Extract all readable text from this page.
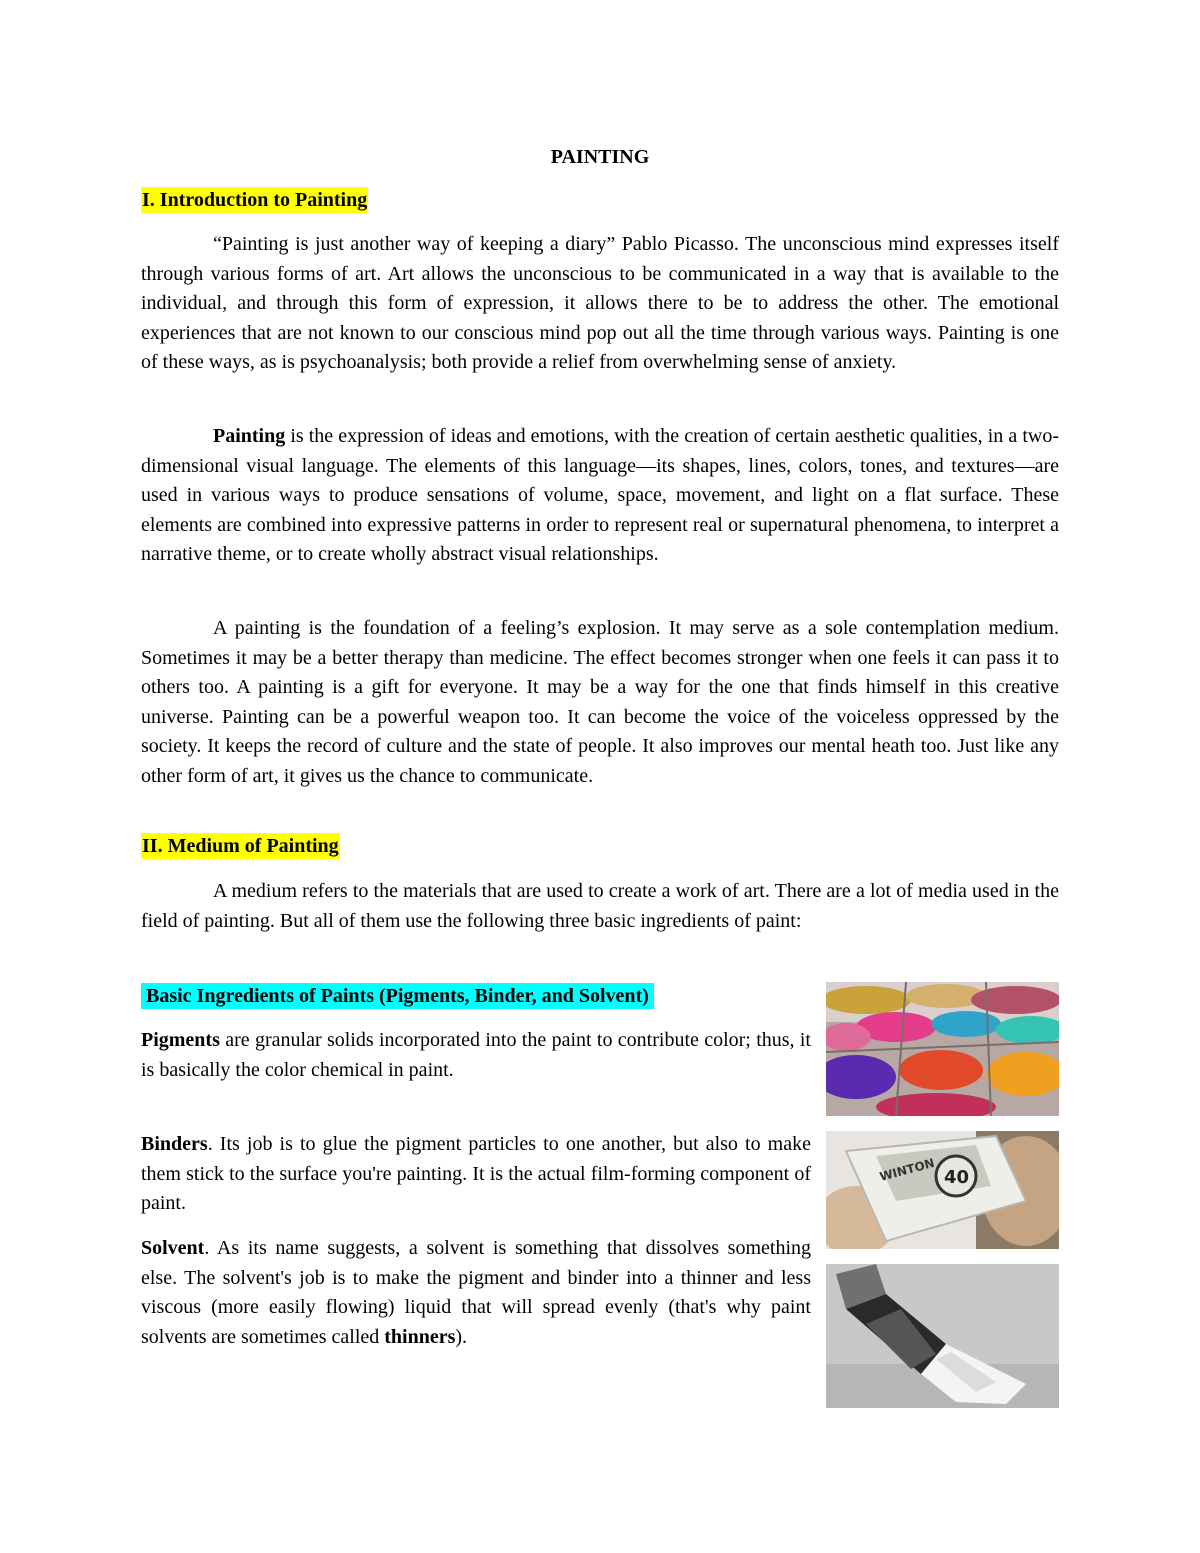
PAINTING
I. Introduction to Painting

“Painting is just another way of keeping a diary” Pablo Picasso. The unconscious mind expresses itself through various forms of art. Art allows the unconscious to be communicated in a way that is available to the individual, and through this form of expression, it allows there to be to address the other. The emotional experiences that are not known to our conscious mind pop out all the time through various ways. Painting is one of these ways, as is psychoanalysis; both provide a relief from overwhelming sense of anxiety.

Painting is the expression of ideas and emotions, with the creation of certain aesthetic qualities, in a two-dimensional visual language. The elements of this language—its shapes, lines, colors, tones, and textures—are used in various ways to produce sensations of volume, space, movement, and light on a flat surface. These elements are combined into expressive patterns in order to represent real or supernatural phenomena, to interpret a narrative theme, or to create wholly abstract visual relationships.

A painting is the foundation of a feeling’s explosion. It may serve as a sole contemplation medium. Sometimes it may be a better therapy than medicine. The effect becomes stronger when one feels it can pass it to others too. A painting is a gift for everyone. It may be a way for the one that finds himself in this creative universe. Painting can be a powerful weapon too. It can become the voice of the voiceless oppressed by the society. It keeps the record of culture and the state of people. It also improves our mental heath too. Just like any other form of art, it gives us the chance to communicate.

II. Medium of Painting

A medium refers to the materials that are used to create a work of art. There are a lot of media used in the field of painting. But all of them use the following three basic ingredients of paint:

Basic Ingredients of Paints (Pigments, Binder, and Solvent)

Pigments are granular solids incorporated into the paint to contribute color; thus, it is basically the color chemical in paint.

Binders. Its job is to glue the pigment particles to one another, but also to make them stick to the surface you're painting. It is the actual film-forming component of paint.

Solvent. As its name suggests, a solvent is something that dissolves something else. The solvent's job is to make the pigment and binder into a thinner and less viscous (more easily flowing) liquid that will spread evenly (that's why paint solvents are sometimes called thinners).

40
WINTON
